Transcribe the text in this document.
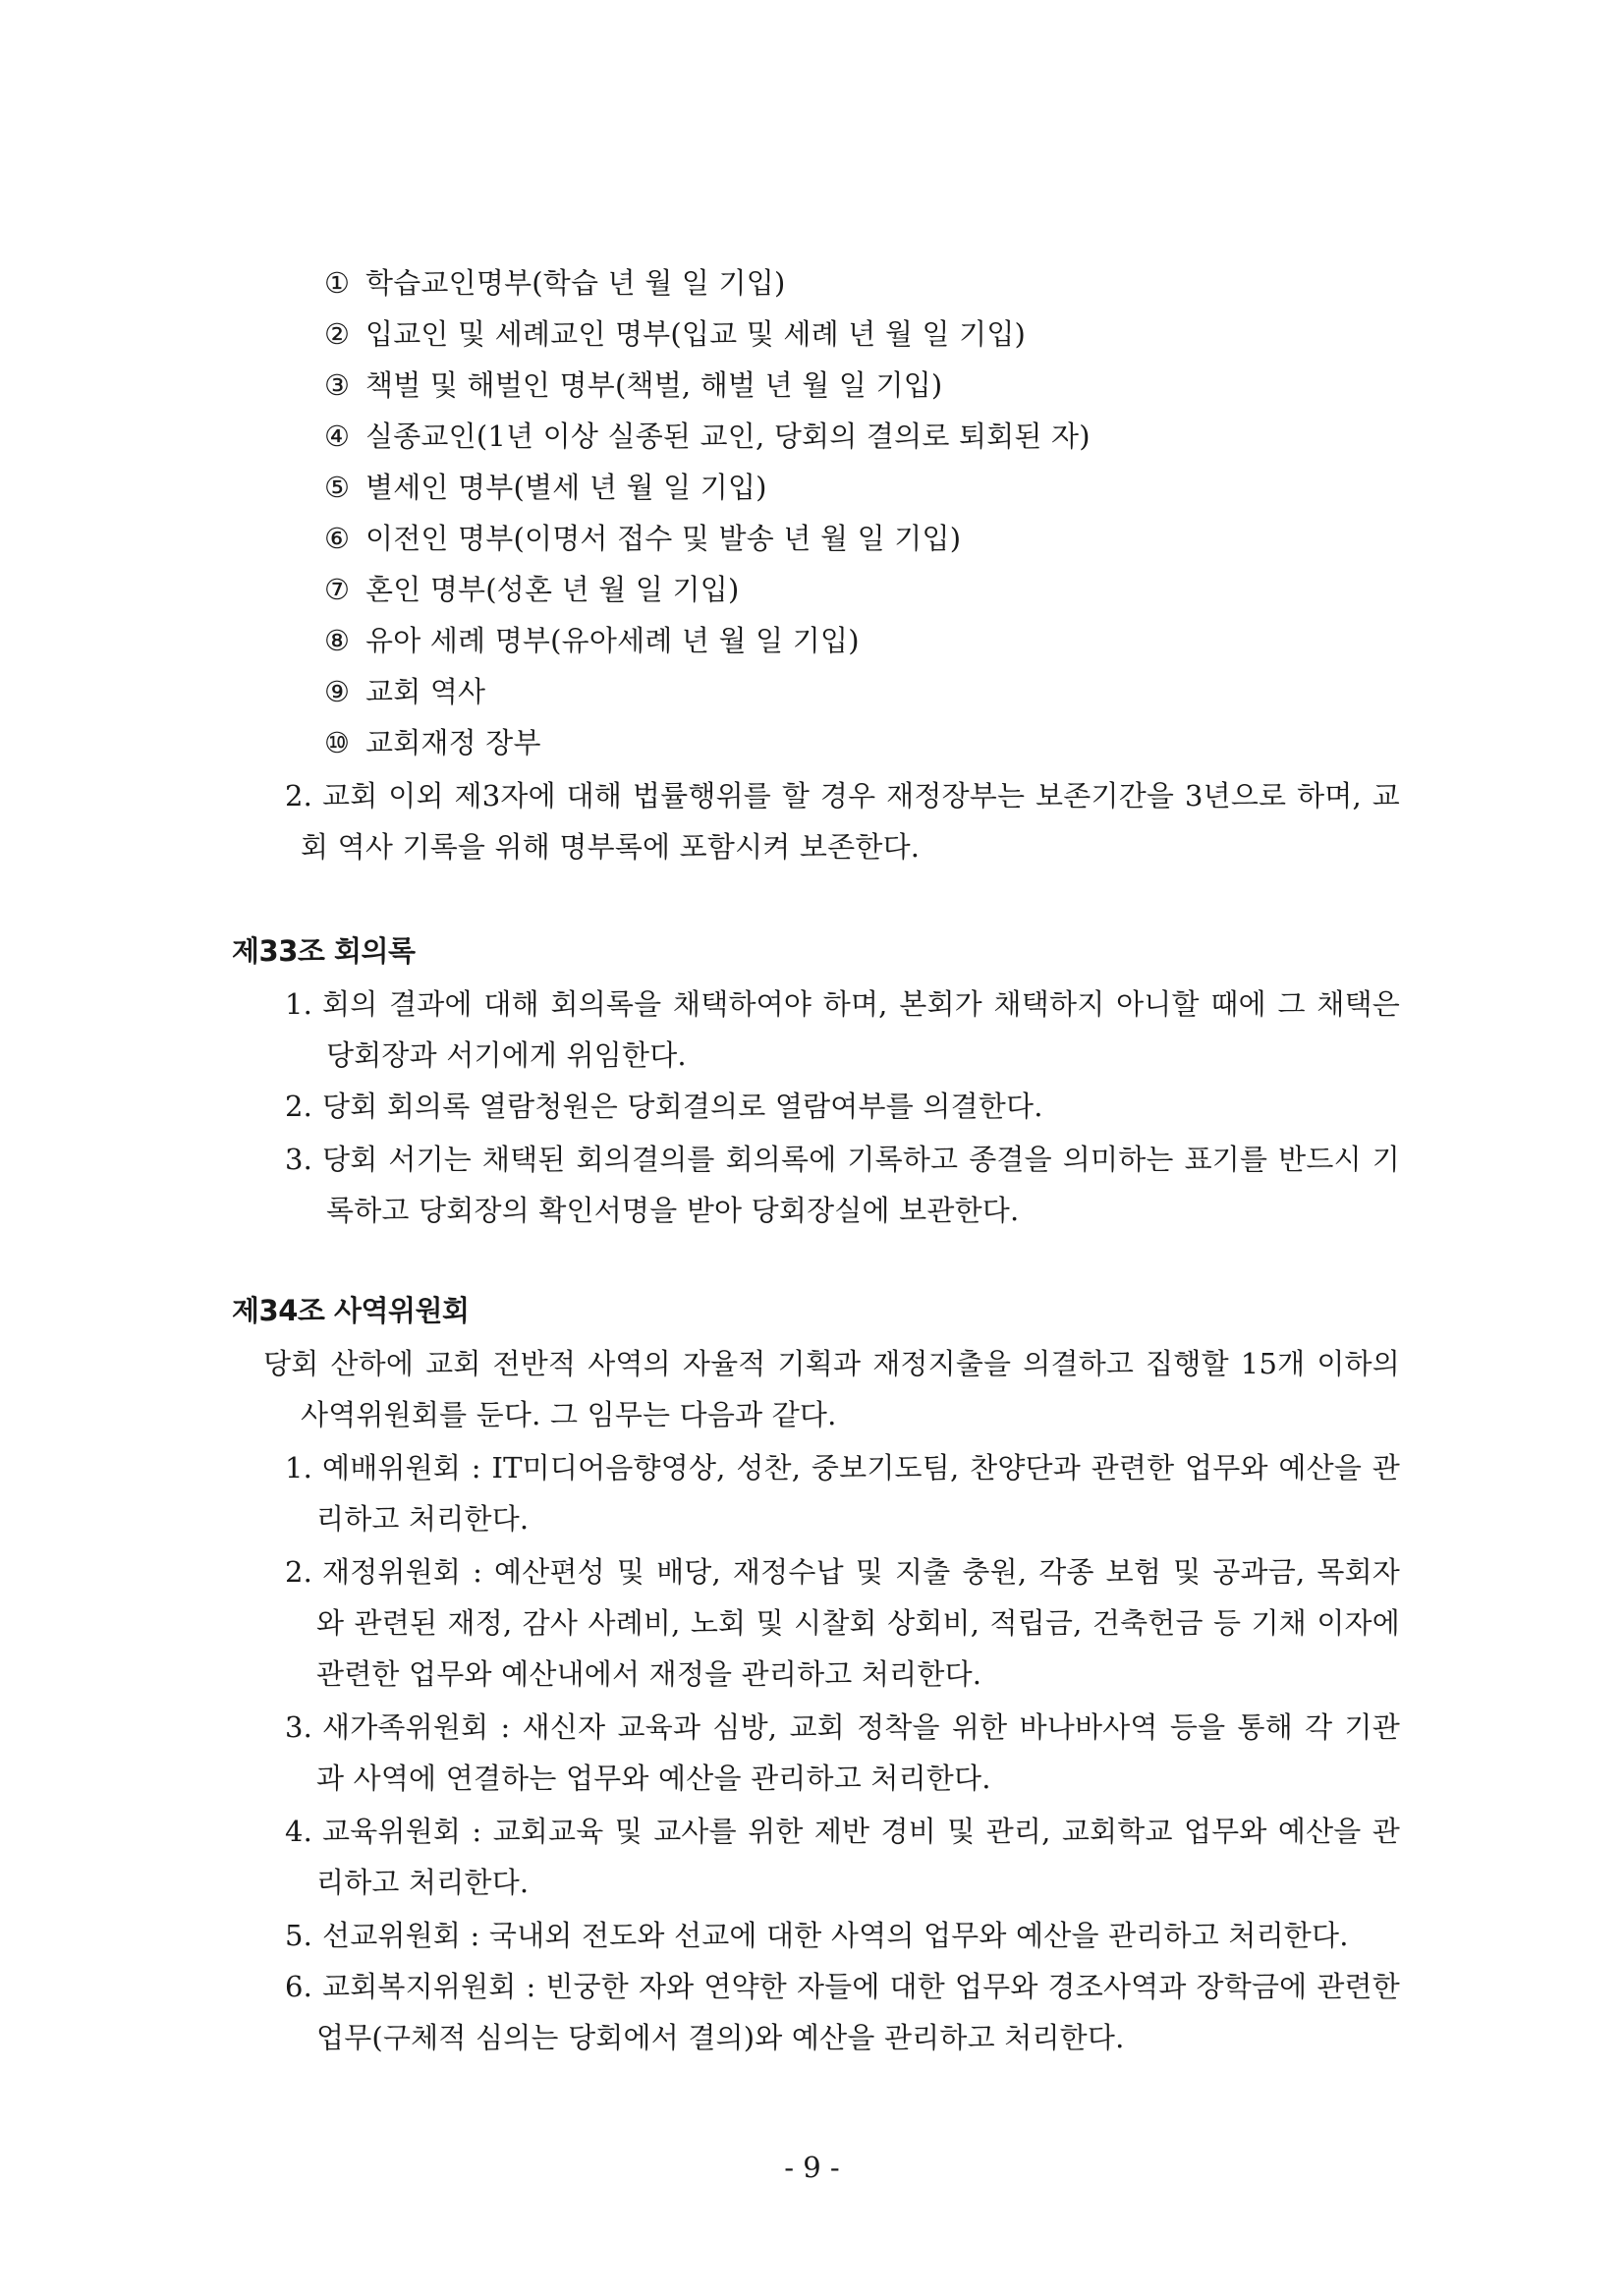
① 학습교인명부(학습 년 월 일 기입)
② 입교인 및 세례교인 명부(입교 및 세례 년 월 일 기입)
③ 책벌 및 해벌인 명부(책벌, 해벌 년 월 일 기입)
④ 실종교인(1년 이상 실종된 교인, 당회의 결의로 퇴회된 자)
⑤ 별세인 명부(별세 년 월 일 기입)
⑥ 이전인 명부(이명서 접수 및 발송 년 월 일 기입)
⑦ 혼인 명부(성혼 년 월 일 기입)
⑧ 유아 세례 명부(유아세례 년 월 일 기입)
⑨ 교회 역사
⑩ 교회재정 장부
2. 교회 이외 제3자에 대해 법률행위를 할 경우 재정장부는 보존기간을 3년으로 하며, 교
회 역사 기록을 위해 명부록에 포함시켜 보존한다.
제33조 회의록
1. 회의 결과에 대해 회의록을 채택하여야 하며, 본회가 채택하지 아니할 때에 그 채택은
당회장과 서기에게 위임한다.
2. 당회 회의록 열람청원은 당회결의로 열람여부를 의결한다.
3. 당회 서기는 채택된 회의결의를 회의록에 기록하고 종결을 의미하는 표기를 반드시 기
록하고 당회장의 확인서명을 받아 당회장실에 보관한다.
제34조 사역위원회
당회 산하에 교회 전반적 사역의 자율적 기획과 재정지출을 의결하고 집행할 15개 이하의
사역위원회를 둔다. 그 임무는 다음과 같다.
1. 예배위원회 : IT미디어음향영상, 성찬, 중보기도팀, 찬양단과 관련한 업무와 예산을 관
리하고 처리한다.
2. 재정위원회 : 예산편성 및 배당, 재정수납 및 지출 충원, 각종 보험 및 공과금, 목회자
와 관련된 재정, 감사 사례비, 노회 및 시찰회 상회비, 적립금, 건축헌금 등 기채 이자에
관련한 업무와 예산내에서 재정을 관리하고 처리한다.
3. 새가족위원회 : 새신자 교육과 심방, 교회 정착을 위한 바나바사역 등을 통해 각 기관
과 사역에 연결하는 업무와 예산을 관리하고 처리한다.
4. 교육위원회 : 교회교육 및 교사를 위한 제반 경비 및 관리, 교회학교 업무와 예산을 관
리하고 처리한다.
5. 선교위원회 : 국내외 전도와 선교에 대한 사역의 업무와 예산을 관리하고 처리한다.
6. 교회복지위원회 : 빈궁한 자와 연약한 자들에 대한 업무와 경조사역과 장학금에 관련한
업무(구체적 심의는 당회에서 결의)와 예산을 관리하고 처리한다.
- 9 -
